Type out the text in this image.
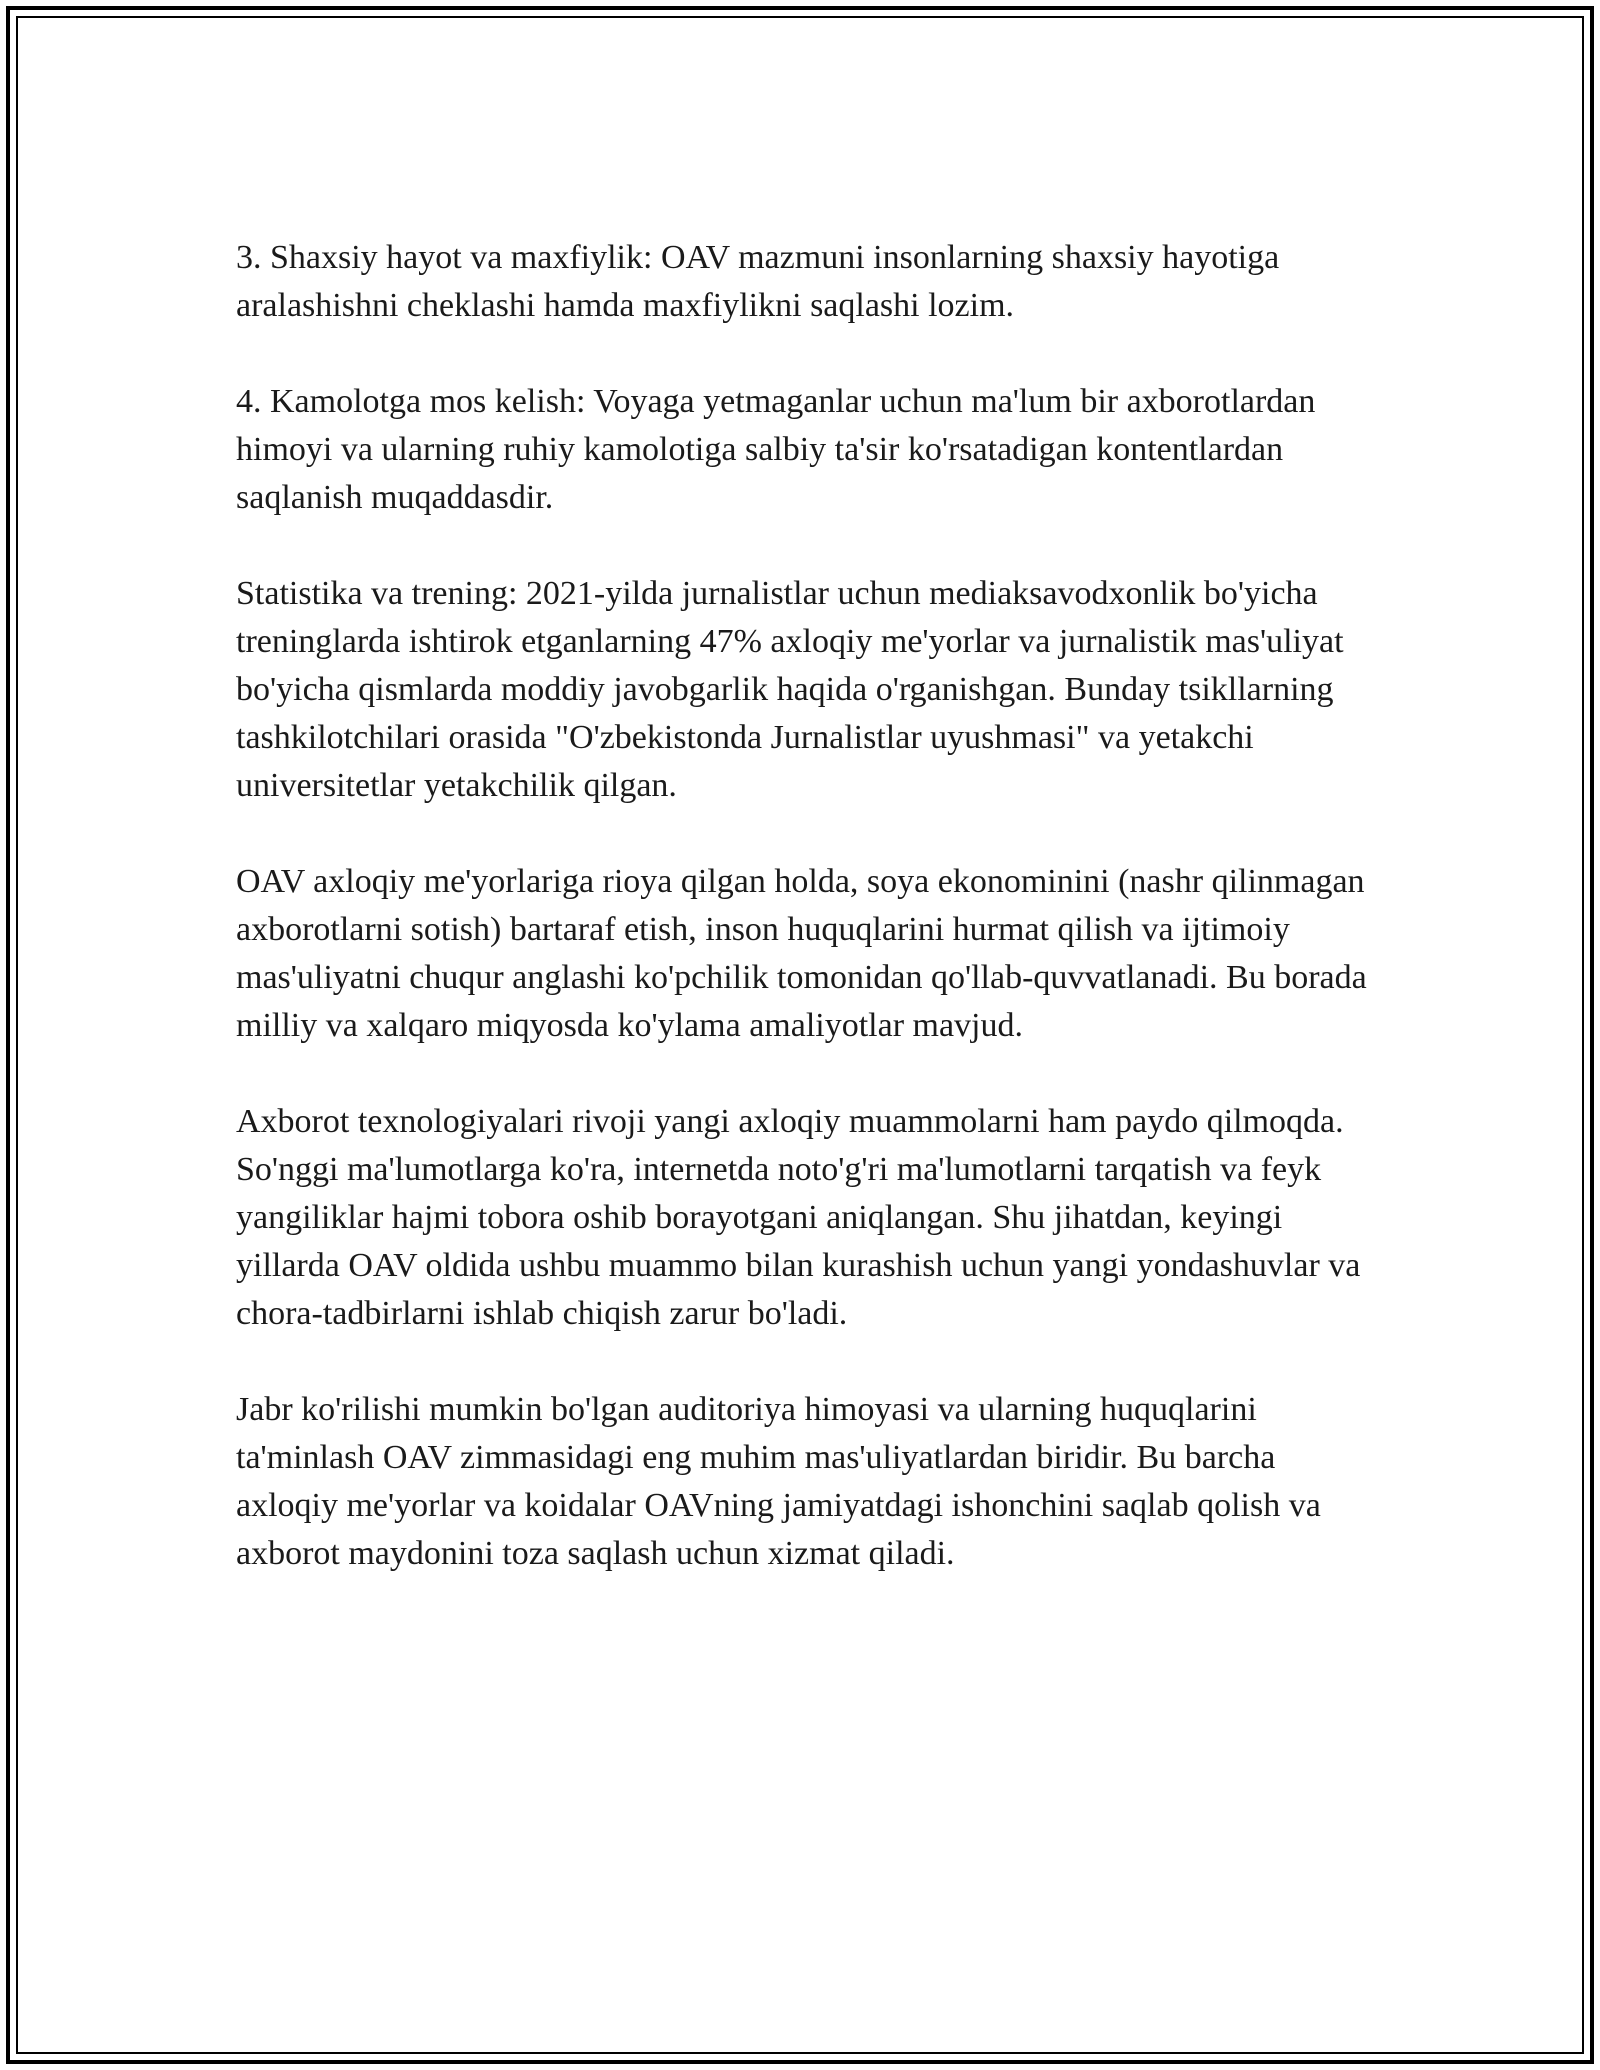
3. Shaxsiy hayot va maxfiylik: OAV mazmuni insonlarning shaxsiy hayotiga aralashishni cheklashi hamda maxfiylikni saqlashi lozim.

4. Kamolotga mos kelish: Voyaga yetmaganlar uchun ma'lum bir axborotlardan himoyi va ularning ruhiy kamolotiga salbiy ta'sir ko'rsatadigan kontentlardan saqlanish muqaddasdir.

Statistika va trening: 2021-yilda jurnalistlar uchun mediaksavodxonlik bo'yicha treninglarda ishtirok etganlarning 47% axloqiy me'yorlar va jurnalistik mas'uliyat bo'yicha qismlarda moddiy javobgarlik haqida o'rganishgan. Bunday tsikllarning tashkilotchilari orasida "O'zbekistonda Jurnalistlar uyushmasi" va yetakchi universitetlar yetakchilik qilgan.

OAV axloqiy me'yorlariga rioya qilgan holda, soya ekonominini (nashr qilinmagan axborotlarni sotish) bartaraf etish, inson huquqlarini hurmat qilish va ijtimoiy mas'uliyatni chuqur anglashi ko'pchilik tomonidan qo'llab-quvvatlanadi. Bu borada milliy va xalqaro miqyosda ko'ylama amaliyotlar mavjud.

Axborot texnologiyalari rivoji yangi axloqiy muammolarni ham paydo qilmoqda. So'nggi ma'lumotlarga ko'ra, internetda noto'g'ri ma'lumotlarni tarqatish va feyk yangiliklar hajmi tobora oshib borayotgani aniqlangan. Shu jihatdan, keyingi yillarda OAV oldida ushbu muammo bilan kurashish uchun yangi yondashuvlar va chora-tadbirlarni ishlab chiqish zarur bo'ladi.

Jabr ko'rilishi mumkin bo'lgan auditoriya himoyasi va ularning huquqlarini ta'minlash OAV zimmasidagi eng muhim mas'uliyatlardan biridir. Bu barcha axloqiy me'yorlar va koidalar OAVning jamiyatdagi ishonchini saqlab qolish va axborot maydonini toza saqlash uchun xizmat qiladi.
